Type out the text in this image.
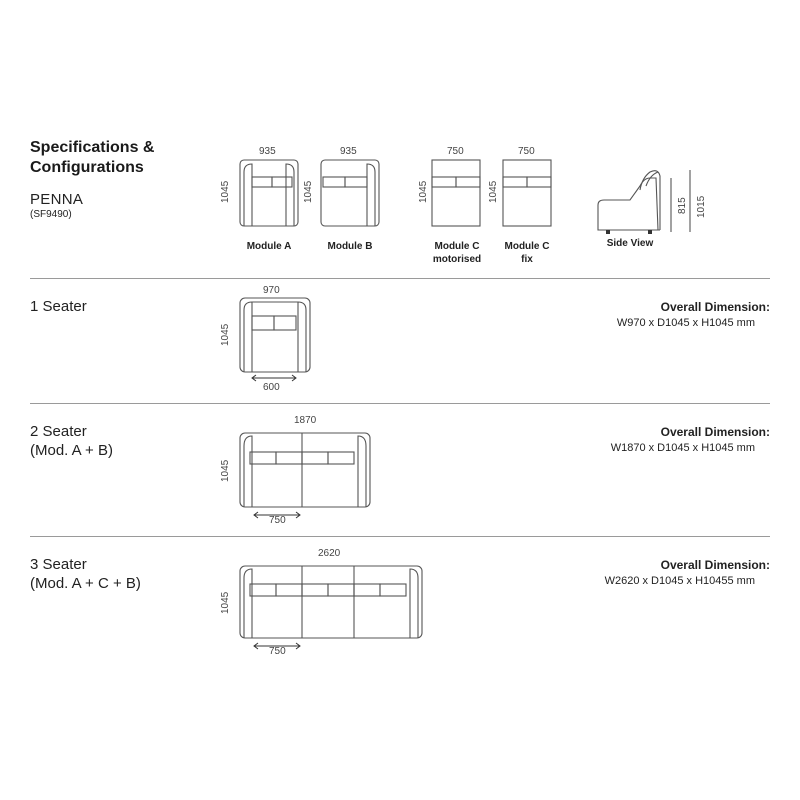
Specifications &
Configurations
PENNA
(SF9490)
935	935	750	750
1045	1045	1045	1045
Module A	Module B	Module C
motorised
Module C
fix
Side View
815 1015
1 Seater
970
1045
600
Overall Dimension:
W970 x D1045 x H1045 mm
2 Seater
(Mod. A + B)
1870
1045
750
Overall Dimension:
W1870 x D1045 x H1045 mm
3 Seater
(Mod. A + C + B)
2620
1045
750
Overall Dimension:
W2620 x D1045 x H10455 mm
